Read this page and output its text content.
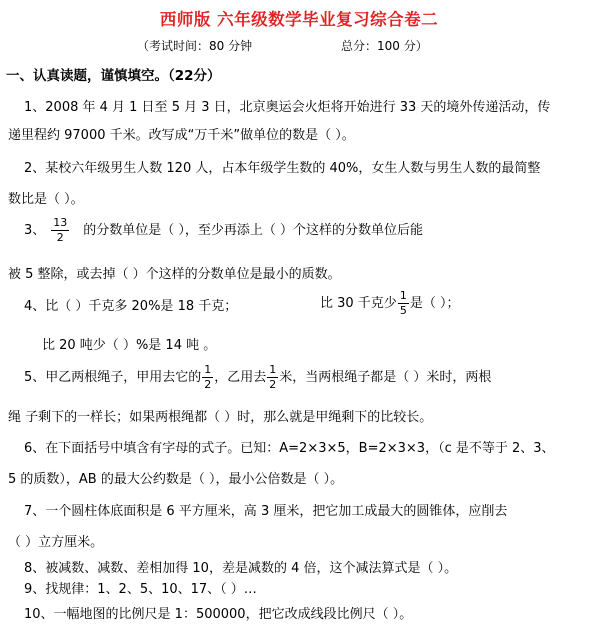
西师版 六年级数学毕业复习综合卷二
（考试时间：80 分钟	总分：100 分）
一、认真读题，谨慎填空。（22分）
1、2008 年 4 月 1 日至 5 月 3 日，北京奥运会火炬将开始进行 33 天的境外传递活动，传
递里程约 97000 千米。改写成“万千米”做单位的数是（ ）。
2、某校六年级男生人数 120 人，占本年级学生数的 40%，女生人数与男生人数的最简整
数比是（ ）。
3、 $\frac{13}{2}$ 的分数单位是（ ），至少再添上（ ）个这样的分数单位后能
被 5 整除，或去掉（ ）个这样的分数单位是最小的质数。
4、比（ ）千克多 20%是 18 千克；	比 30 千克少 $\frac{1}{5}$ 是（ ）；
比 20 吨少（ ）%是 14 吨 。
5、甲乙两根绳子，甲用去它的 $\frac{1}{2}$ ，乙用去 $\frac{1}{2}$ 米，当两根绳子都是（ ）米时，两根
绳 子剩下的一样长；如果两根绳都（ ）时，那么就是甲绳剩下的比较长。
6、在下面括号中填含有字母的式子。已知：A=2×3×5，B=2×3×3，（c 是不等于 2、3、
5 的质数），AB 的最大公约数是（ ），最小公倍数是（ ）。
7、一个圆柱体底面积是 6 平方厘米，高 3 厘米，把它加工成最大的圆锥体，应削去
（ ）立方厘米。
8、被减数、减数、差相加得 10，差是减数的 4 倍，这个减法算式是（ ）。
9、找规律：1、2、5、10、17、（ ）…
10、一幅地图的比例尺是 1：500000，把它改成线段比例尺（ ）。
